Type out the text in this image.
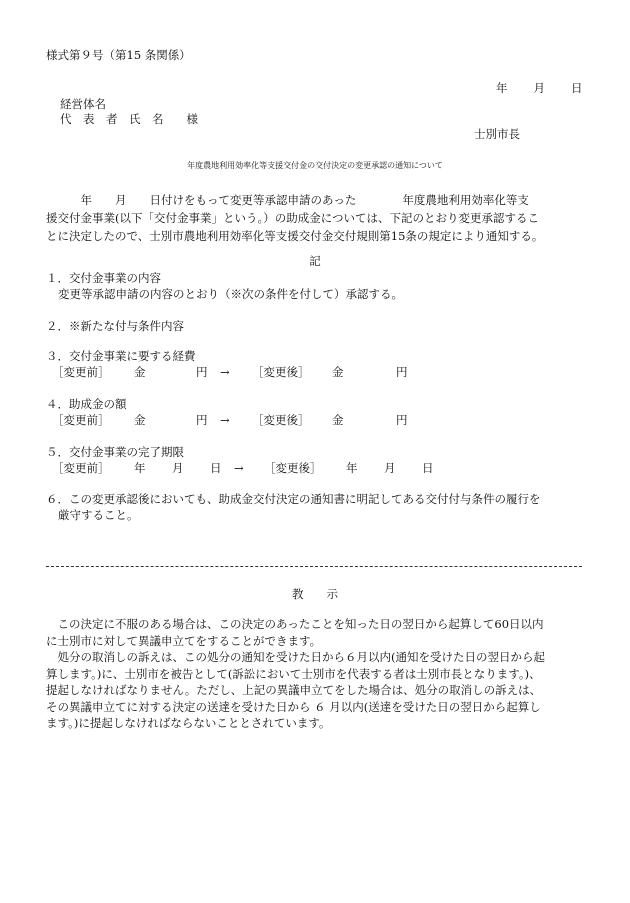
様式第９号（第15 条関係）
年 月 日
経営体名
代　表　者　氏　名　　様
士別市長
年度農地利用効率化等支援交付金の交付決定の変更承認の通知について
　　　年　　月　　日付けをもって変更等承認申請のあった　　　　年度農地利用効率化等支
援交付金事業(以下「交付金事業」という。）の助成金については、下記のとおり変更承認するこ
とに決定したので、士別市農地利用効率化等支援交付金交付規則第15条の規定により通知する。
記
１．交付金事業の内容
変更等承認申請の内容のとおり（※次の条件を付して）承認する。
２．※新たな付与条件内容
３．交付金事業に要する経費
［変更前］ 金	円 → ［変更後］ 金	円
４．助成金の額
［変更前］ 金	円 → ［変更後］ 金	円
５．交付金事業の完了期限
［変更前］ 年 月 日 → ［変更後］ 年 月 日
６．この変更承認後においても、助成金交付決定の通知書に明記してある交付付与条件の履行を
厳守すること。
教　　示
　この決定に不服のある場合は、この決定のあったことを知った日の翌日から起算して60日以内
に士別市に対して異議申立てをすることができます。
　処分の取消しの訴えは、この処分の通知を受けた日から６月以内(通知を受けた日の翌日から起
算します。)に、士別市を被告として(訴訟において士別市を代表する者は士別市長となります。)、
提起しなければなりません。ただし、上記の異議申立てをした場合は、処分の取消しの訴えは、
その異議申立てに対する決定の送達を受けた日から ６ 月以内(送達を受けた日の翌日から起算し
ます。)に提起しなければならないこととされています。
